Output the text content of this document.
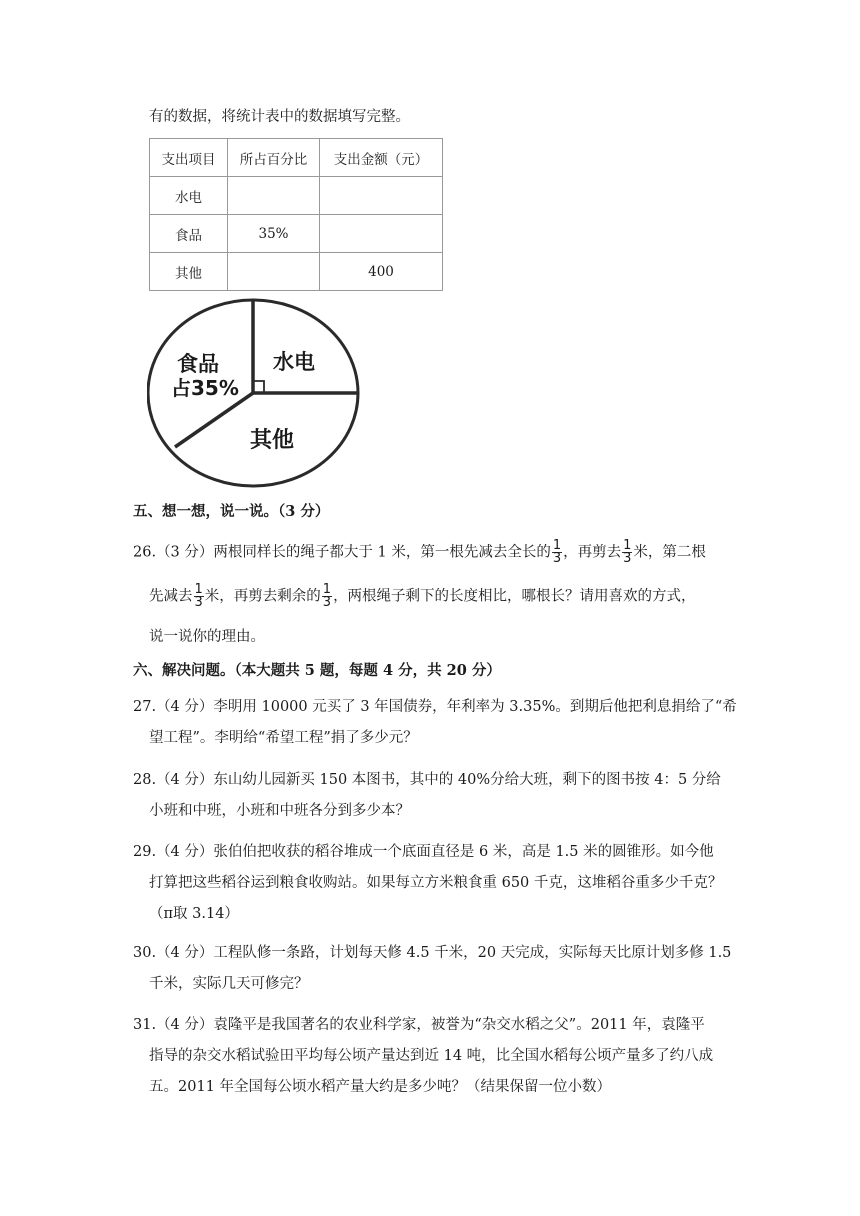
有的数据，将统计表中的数据填写完整。
支出项目	所占百分比	支出金额（元）
水电		
食品	35%	
其他		400
水电
食品
占35%
其他
五、想一想，说一说。（3 分）
26.（3 分）两根同样长的绳子都大于 1 米，第一根先减去全长的 $\frac{1}{3}$ ，再剪去 $\frac{1}{3}$ 米，第二根
先减去 $\frac{1}{3}$ 米，再剪去剩余的 $\frac{1}{3}$ ，两根绳子剩下的长度相比，哪根长？请用喜欢的方式，
说一说你的理由。
六、解决问题。（本大题共 5 题，每题 4 分，共 20 分）
27.（4 分）李明用 10000 元买了 3 年国债券，年利率为 3.35%。到期后他把利息捐给了“希
望工程”。李明给“希望工程”捐了多少元？
28.（4 分）东山幼儿园新买 150 本图书，其中的 40%分给大班，剩下的图书按 4：5 分给
小班和中班，小班和中班各分到多少本？
29.（4 分）张伯伯把收获的稻谷堆成一个底面直径是 6 米，高是 1.5 米的圆锥形。如今他
打算把这些稻谷运到粮食收购站。如果每立方米粮食重 650 千克，这堆稻谷重多少千克？
（π取 3.14）
30.（4 分）工程队修一条路，计划每天修 4.5 千米，20 天完成，实际每天比原计划多修 1.5
千米，实际几天可修完？
31.（4 分）袁隆平是我国著名的农业科学家，被誉为“杂交水稻之父”。2011 年，袁隆平
指导的杂交水稻试验田平均每公顷产量达到近 14 吨，比全国水稻每公顷产量多了约八成
五。2011 年全国每公顷水稻产量大约是多少吨？（结果保留一位小数）
